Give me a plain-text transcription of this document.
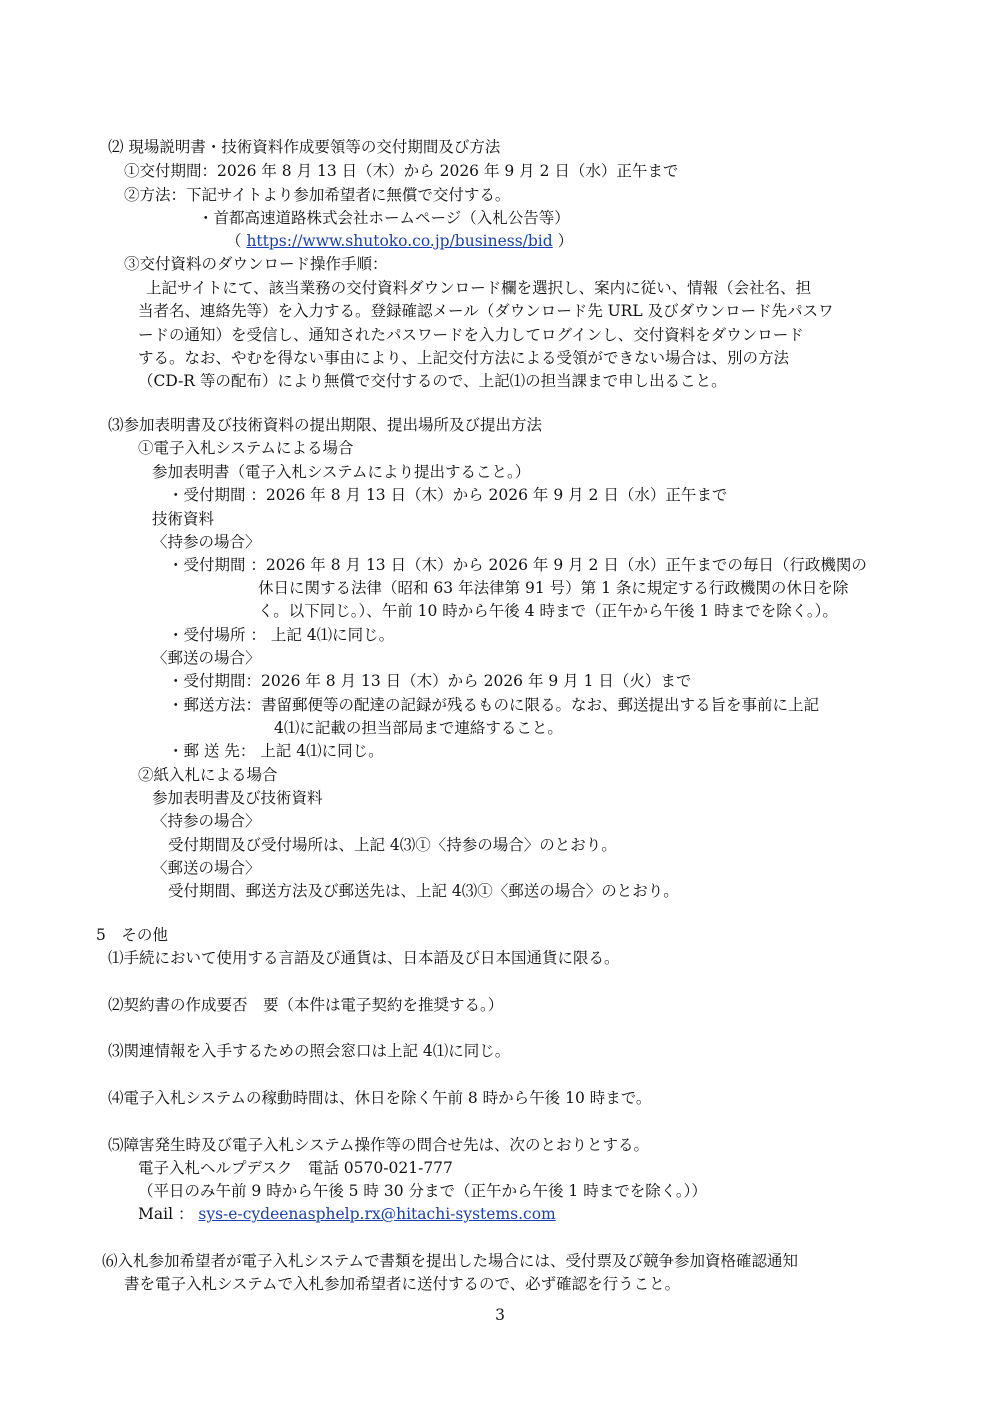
⑵ 現場説明書・技術資料作成要領等の交付期間及び方法
①交付期間：2026 年 8 月 13 日（木）から 2026 年 9 月 2 日（水）正午まで
②方法：下記サイトより参加希望者に無償で交付する。
・首都高速道路株式会社ホームページ（入札公告等）
（ https://www.shutoko.co.jp/business/bid ）
③交付資料のダウンロード操作手順：
上記サイトにて、該当業務の交付資料ダウンロード欄を選択し、案内に従い、情報（会社名、担
当者名、連絡先等）を入力する。登録確認メール（ダウンロード先 URL 及びダウンロード先パスワ
ードの通知）を受信し、通知されたパスワードを入力してログインし、交付資料をダウンロード
する。なお、やむを得ない事由により、上記交付方法による受領ができない場合は、別の方法
（CD-R 等の配布）により無償で交付するので、上記⑴の担当課まで申し出ること。
⑶参加表明書及び技術資料の提出期限、提出場所及び提出方法
①電子入札システムによる場合
参加表明書（電子入札システムにより提出すること。）
・受付期間 ：2026 年 8 月 13 日（木）から 2026 年 9 月 2 日（水）正午まで
技術資料
〈持参の場合〉
・受付期間 ：2026 年 8 月 13 日（木）から 2026 年 9 月 2 日（水）正午までの毎日（行政機関の
休日に関する法律（昭和 63 年法律第 91 号）第 1 条に規定する行政機関の休日を除
く。以下同じ。）、午前 10 時から午後 4 時まで（正午から午後 1 時までを除く。）。
・受付場所 ： 上記 4⑴に同じ。
〈郵送の場合〉
・受付期間：2026 年 8 月 13 日（木）から 2026 年 9 月 1 日（火）まで
・郵送方法：書留郵便等の配達の記録が残るものに限る。なお、郵送提出する旨を事前に上記
4⑴に記載の担当部局まで連絡すること。
・郵 送 先： 上記 4⑴に同じ。
②紙入札による場合
参加表明書及び技術資料
〈持参の場合〉
受付期間及び受付場所は、上記 4⑶①〈持参の場合〉のとおり。
〈郵送の場合〉
受付期間、郵送方法及び郵送先は、上記 4⑶①〈郵送の場合〉のとおり。
5　その他
⑴手続において使用する言語及び通貨は、日本語及び日本国通貨に限る。
⑵契約書の作成要否　要（本件は電子契約を推奨する。）
⑶関連情報を入手するための照会窓口は上記 4⑴に同じ。
⑷電子入札システムの稼動時間は、休日を除く午前 8 時から午後 10 時まで。
⑸障害発生時及び電子入札システム操作等の問合せ先は、次のとおりとする。
電子入札ヘルプデスク　電話 0570-021-777
（平日のみ午前 9 時から午後 5 時 30 分まで（正午から午後 1 時までを除く。））
Mail ： sys-e-cydeenasphelp.rx@hitachi-systems.com
⑹入札参加希望者が電子入札システムで書類を提出した場合には、受付票及び競争参加資格確認通知
書を電子入札システムで入札参加希望者に送付するので、必ず確認を行うこと。
3
